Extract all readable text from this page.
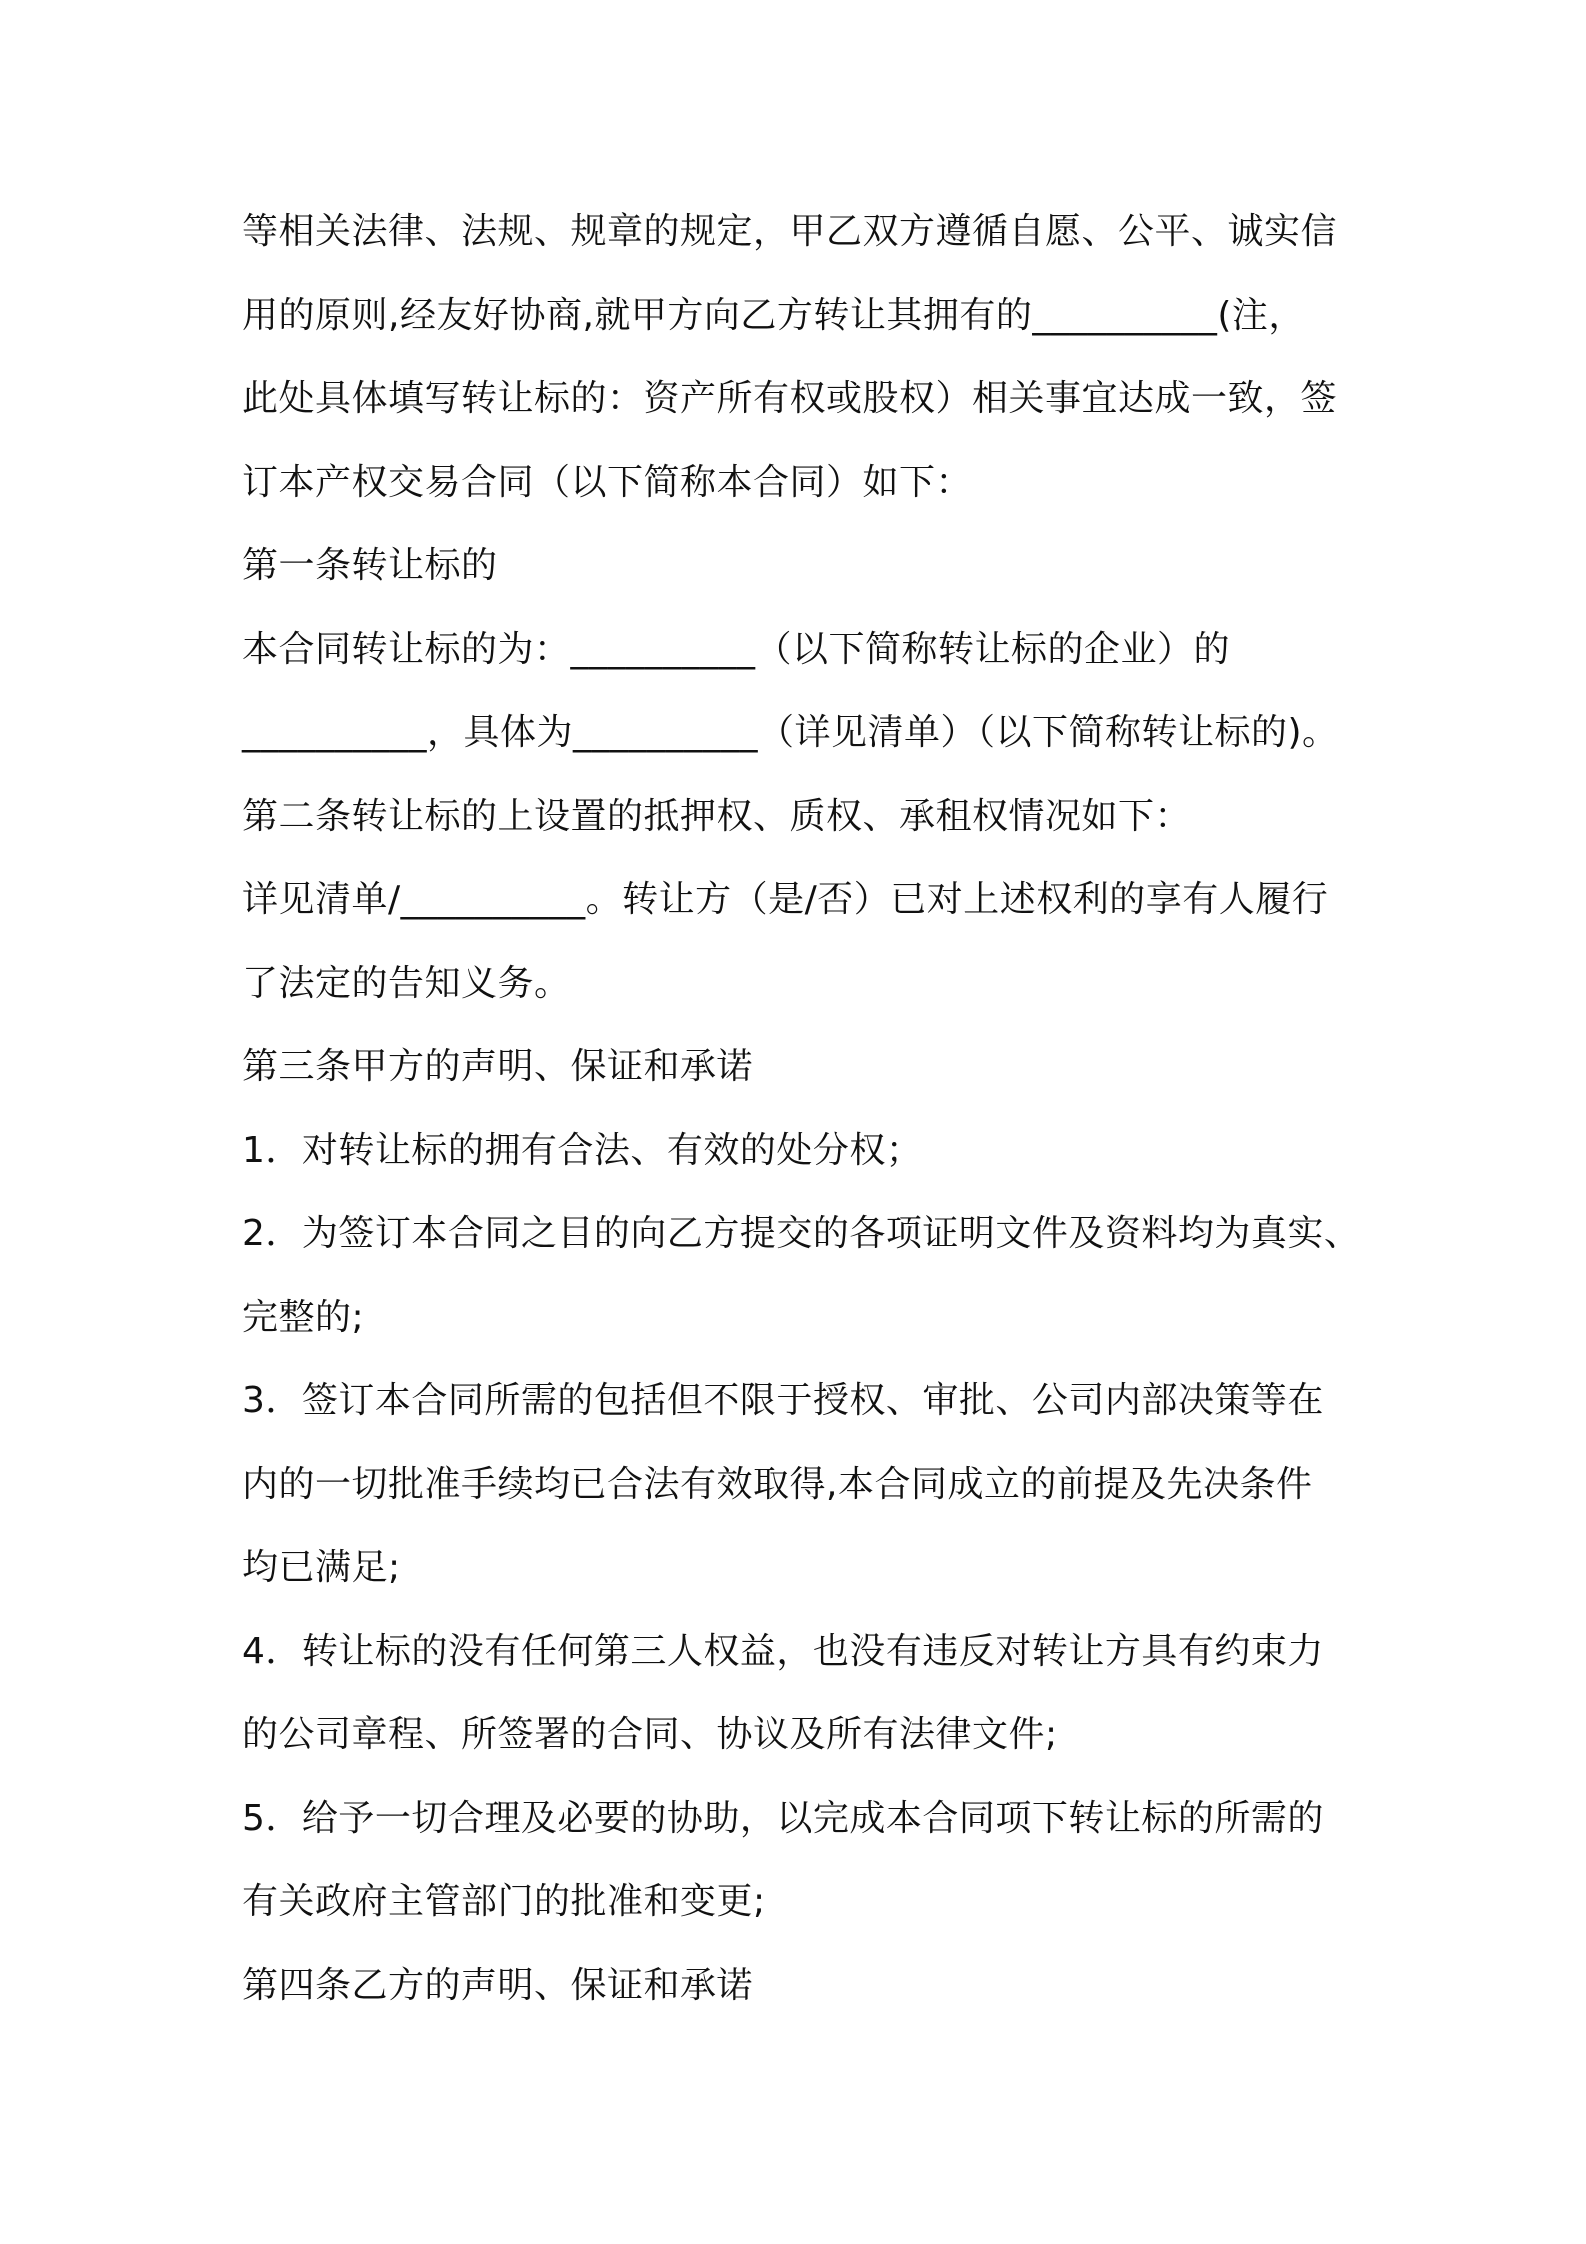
等相关法律、法规、规章的规定，甲乙双方遵循自愿、公平、诚实信
用的原则,经友好协商,就甲方向乙方转让其拥有的__________(注，
此处具体填写转让标的：资产所有权或股权）相关事宜达成一致，签
订本产权交易合同（以下简称本合同）如下：
第一条转让标的
本合同转让标的为：__________（以下简称转让标的企业）的
__________，具体为__________（详见清单）（以下简称转让标的)。
第二条转让标的上设置的抵押权、质权、承租权情况如下：
详见清单/__________。转让方（是/否）已对上述权利的享有人履行
了法定的告知义务。
第三条甲方的声明、保证和承诺
1．对转让标的拥有合法、有效的处分权；
2．为签订本合同之目的向乙方提交的各项证明文件及资料均为真实、
完整的;
3．签订本合同所需的包括但不限于授权、审批、公司内部决策等在
内的一切批准手续均已合法有效取得,本合同成立的前提及先决条件
均已满足;
4．转让标的没有任何第三人权益，也没有违反对转让方具有约束力
的公司章程、所签署的合同、协议及所有法律文件;
5．给予一切合理及必要的协助，以完成本合同项下转让标的所需的
有关政府主管部门的批准和变更;
第四条乙方的声明、保证和承诺
